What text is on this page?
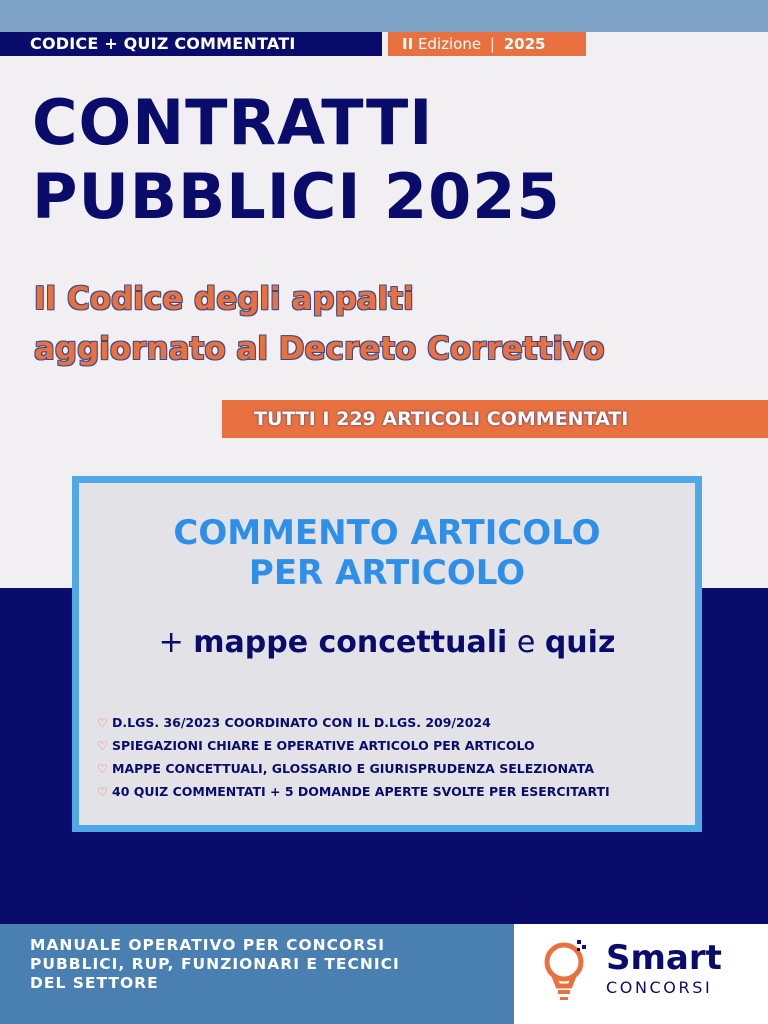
CODICE + QUIZ COMMENTATI	II Edizione | 2025
CONTRATTI
PUBBLICI 2025
Il Codice degli appalti
aggiornato al Decreto Correttivo
TUTTI I 229 ARTICOLI COMMENTATI
COMMENTO ARTICOLO
PER ARTICOLO
+ mappe concettuali e quiz
♡ D.LGS. 36/2023 COORDINATO CON IL D.LGS. 209/2024
♡ SPIEGAZIONI CHIARE E OPERATIVE ARTICOLO PER ARTICOLO
♡ MAPPE CONCETTUALI, GLOSSARIO E GIURISPRUDENZA SELEZIONATA
♡ 40 QUIZ COMMENTATI + 5 DOMANDE APERTE SVOLTE PER ESERCITARTI
MANUALE OPERATIVO PER CONCORSI
PUBBLICI, RUP, FUNZIONARI E TECNICI
DEL SETTORE
Smart
CONCORSI
